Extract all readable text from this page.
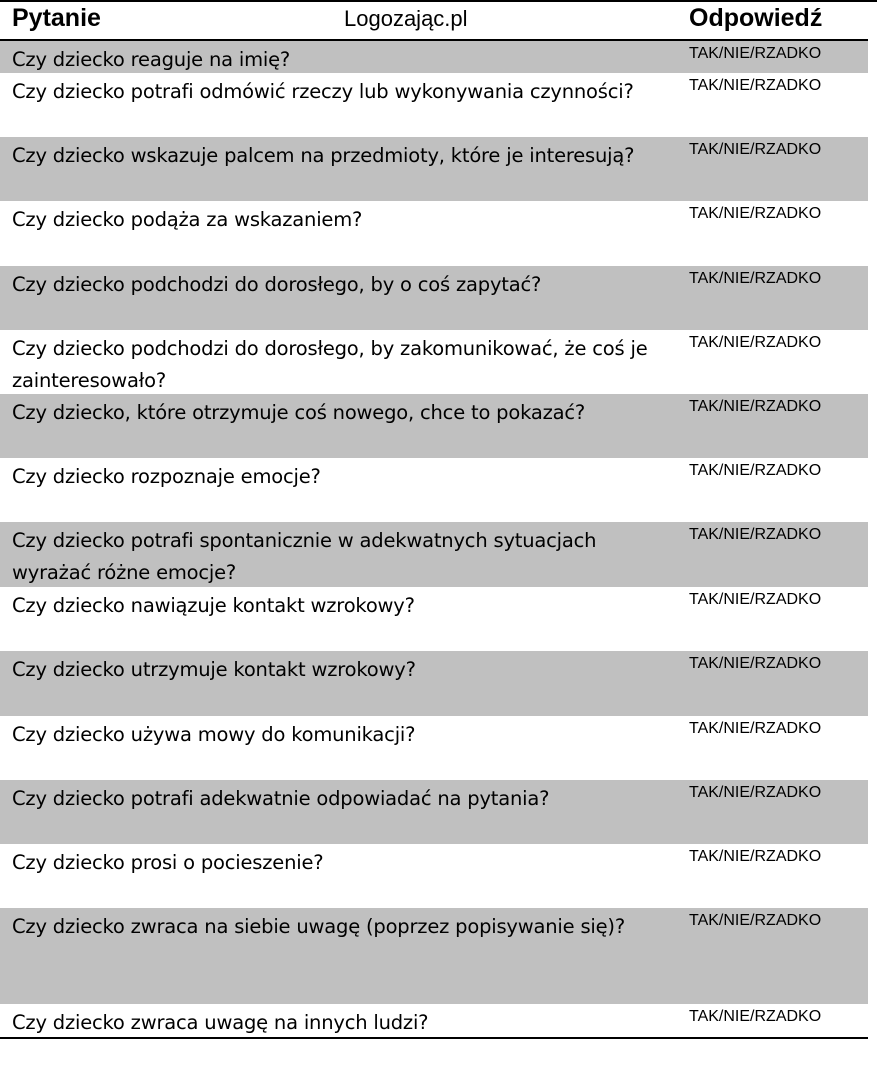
Pytanie	Logozając.pl	Odpowiedź
Czy dziecko reaguje na imię?	TAK/NIE/RZADKO
Czy dziecko potrafi odmówić rzeczy lub wykonywania czynności?	TAK/NIE/RZADKO
Czy dziecko wskazuje palcem na przedmioty, które je interesują?	TAK/NIE/RZADKO
Czy dziecko podąża za wskazaniem?	TAK/NIE/RZADKO
Czy dziecko podchodzi do dorosłego, by o coś zapytać?	TAK/NIE/RZADKO
Czy dziecko podchodzi do dorosłego, by zakomunikować, że coś je zainteresowało?
TAK/NIE/RZADKO
Czy dziecko, które otrzymuje coś nowego, chce to pokazać?	TAK/NIE/RZADKO
Czy dziecko rozpoznaje emocje?	TAK/NIE/RZADKO
Czy dziecko potrafi spontanicznie w adekwatnych sytuacjach wyrażać różne emocje?
TAK/NIE/RZADKO
Czy dziecko nawiązuje kontakt wzrokowy?	TAK/NIE/RZADKO
Czy dziecko utrzymuje kontakt wzrokowy?	TAK/NIE/RZADKO
Czy dziecko używa mowy do komunikacji?	TAK/NIE/RZADKO
Czy dziecko potrafi adekwatnie odpowiadać na pytania?	TAK/NIE/RZADKO
Czy dziecko prosi o pocieszenie?	TAK/NIE/RZADKO
Czy dziecko zwraca na siebie uwagę (poprzez popisywanie się)?	TAK/NIE/RZADKO
Czy dziecko zwraca uwagę na innych ludzi?	TAK/NIE/RZADKO
